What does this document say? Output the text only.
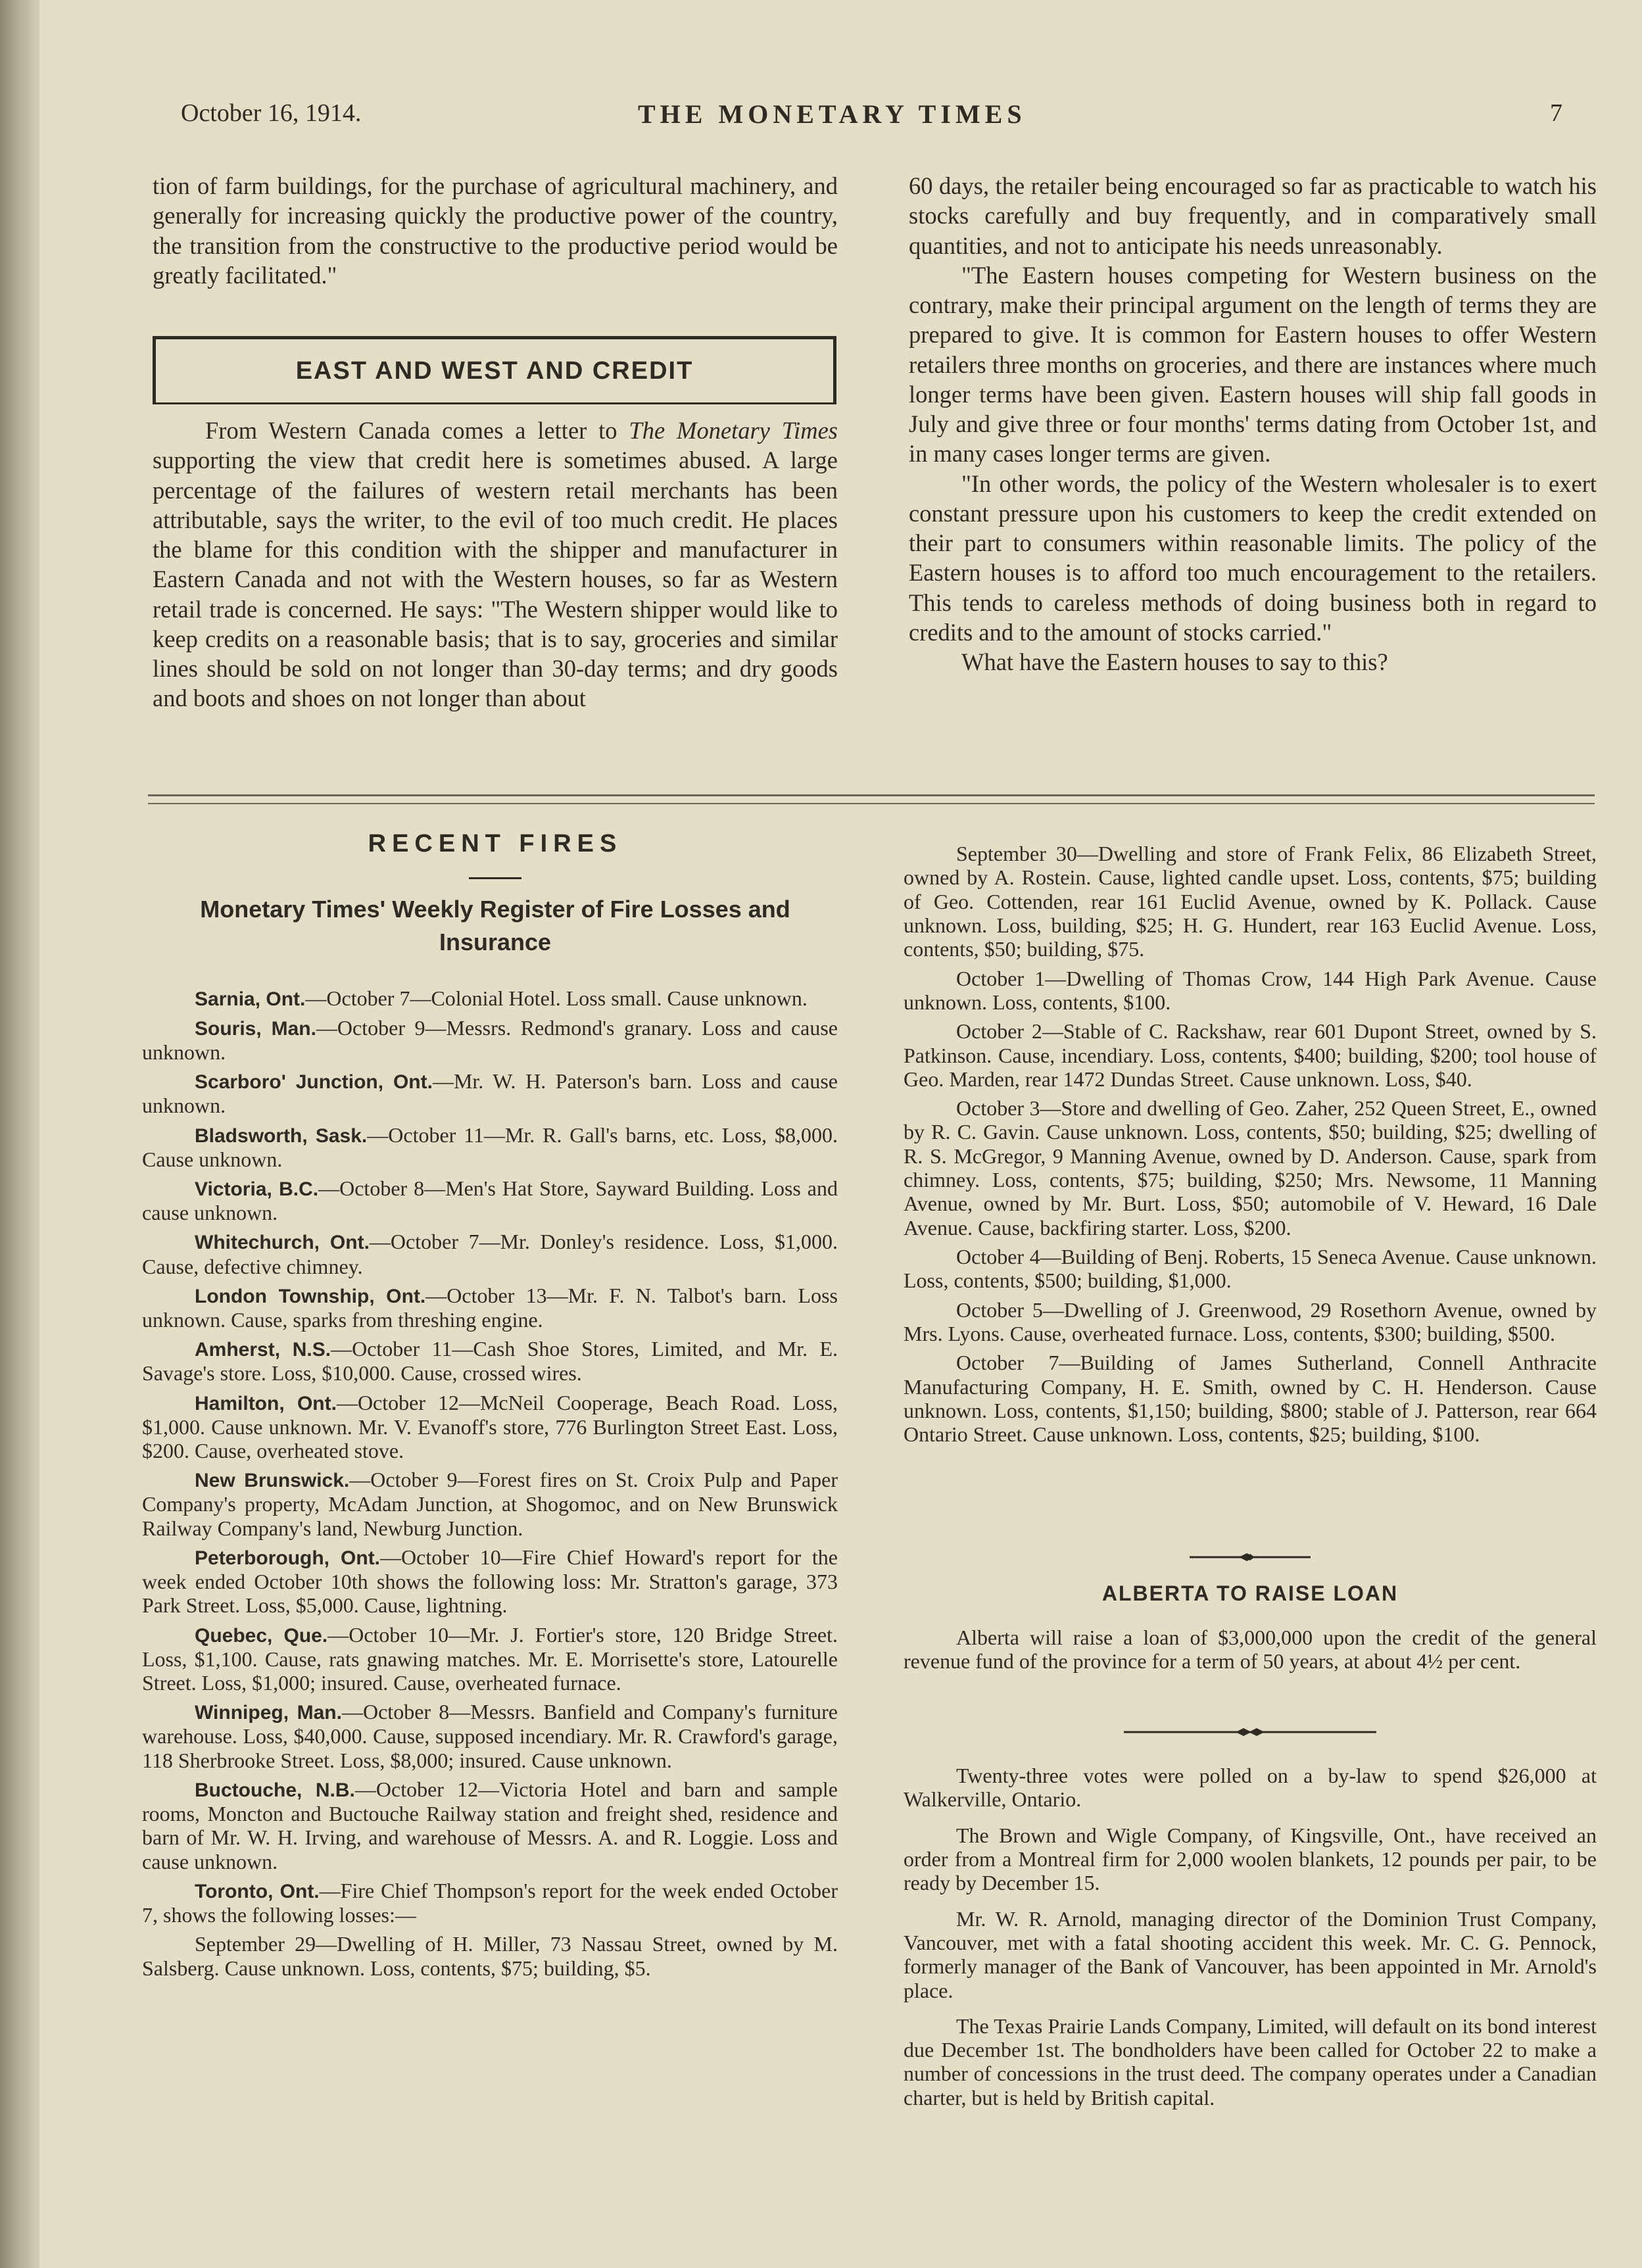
October 16, 1914.	THE MONETARY TIMES	7

tion of farm buildings, for the purchase of agricultural machinery, and generally for increasing quickly the productive power of the country, the transition from the constructive to the productive period would be greatly facilitated."

EAST AND WEST AND CREDIT

From Western Canada comes a letter to The Monetary Times supporting the view that credit here is sometimes abused. A large percentage of the failures of western retail merchants has been attributable, says the writer, to the evil of too much credit. He places the blame for this condition with the shipper and manufacturer in Eastern Canada and not with the Western houses, so far as Western retail trade is concerned. He says: "The Western shipper would like to keep credits on a reasonable basis; that is to say, groceries and similar lines should be sold on not longer than 30-day terms; and dry goods and boots and shoes on not longer than about

60 days, the retailer being encouraged so far as practicable to watch his stocks carefully and buy frequently, and in comparatively small quantities, and not to anticipate his needs unreasonably.

"The Eastern houses competing for Western business on the contrary, make their principal argument on the length of terms they are prepared to give. It is common for Eastern houses to offer Western retailers three months on groceries, and there are instances where much longer terms have been given. Eastern houses will ship fall goods in July and give three or four months' terms dating from October 1st, and in many cases longer terms are given.

"In other words, the policy of the Western wholesaler is to exert constant pressure upon his customers to keep the credit extended on their part to consumers within reasonable limits. The policy of the Eastern houses is to afford too much encouragement to the retailers. This tends to careless methods of doing business both in regard to credits and to the amount of stocks carried."

What have the Eastern houses to say to this?

RECENT FIRES
Monetary Times' Weekly Register of Fire Losses and Insurance

Sarnia, Ont.—October 7—Colonial Hotel. Loss small. Cause unknown.

Souris, Man.—October 9—Messrs. Redmond's granary. Loss and cause unknown.

Scarboro' Junction, Ont.—Mr. W. H. Paterson's barn. Loss and cause unknown.

Bladsworth, Sask.—October 11—Mr. R. Gall's barns, etc. Loss, $8,000. Cause unknown.

Victoria, B.C.—October 8—Men's Hat Store, Sayward Building. Loss and cause unknown.

Whitechurch, Ont.—October 7—Mr. Donley's residence. Loss, $1,000. Cause, defective chimney.

London Township, Ont.—October 13—Mr. F. N. Talbot's barn. Loss unknown. Cause, sparks from threshing engine.

Amherst, N.S.—October 11—Cash Shoe Stores, Limited, and Mr. E. Savage's store. Loss, $10,000. Cause, crossed wires.

Hamilton, Ont.—October 12—McNeil Cooperage, Beach Road. Loss, $1,000. Cause unknown. Mr. V. Evanoff's store, 776 Burlington Street East. Loss, $200. Cause, overheated stove.

New Brunswick.—October 9—Forest fires on St. Croix Pulp and Paper Company's property, McAdam Junction, at Shogomoc, and on New Brunswick Railway Company's land, Newburg Junction.

Peterborough, Ont.—October 10—Fire Chief Howard's report for the week ended October 10th shows the following loss: Mr. Stratton's garage, 373 Park Street. Loss, $5,000. Cause, lightning.

Quebec, Que.—October 10—Mr. J. Fortier's store, 120 Bridge Street. Loss, $1,100. Cause, rats gnawing matches. Mr. E. Morrisette's store, Latourelle Street. Loss, $1,000; insured. Cause, overheated furnace.

Winnipeg, Man.—October 8—Messrs. Banfield and Company's furniture warehouse. Loss, $40,000. Cause, supposed incendiary. Mr. R. Crawford's garage, 118 Sherbrooke Street. Loss, $8,000; insured. Cause unknown.

Buctouche, N.B.—October 12—Victoria Hotel and barn and sample rooms, Moncton and Buctouche Railway station and freight shed, residence and barn of Mr. W. H. Irving, and warehouse of Messrs. A. and R. Loggie. Loss and cause unknown.

Toronto, Ont.—Fire Chief Thompson's report for the week ended October 7, shows the following losses:—

September 29—Dwelling of H. Miller, 73 Nassau Street, owned by M. Salsberg. Cause unknown. Loss, contents, $75; building, $5.

September 30—Dwelling and store of Frank Felix, 86 Elizabeth Street, owned by A. Rostein. Cause, lighted candle upset. Loss, contents, $75; building of Geo. Cottenden, rear 161 Euclid Avenue, owned by K. Pollack. Cause unknown. Loss, building, $25; H. G. Hundert, rear 163 Euclid Avenue. Loss, contents, $50; building, $75.

October 1—Dwelling of Thomas Crow, 144 High Park Avenue. Cause unknown. Loss, contents, $100.

October 2—Stable of C. Rackshaw, rear 601 Dupont Street, owned by S. Patkinson. Cause, incendiary. Loss, contents, $400; building, $200; tool house of Geo. Marden, rear 1472 Dundas Street. Cause unknown. Loss, $40.

October 3—Store and dwelling of Geo. Zaher, 252 Queen Street, E., owned by R. C. Gavin. Cause unknown. Loss, contents, $50; building, $25; dwelling of R. S. McGregor, 9 Manning Avenue, owned by D. Anderson. Cause, spark from chimney. Loss, contents, $75; building, $250; Mrs. Newsome, 11 Manning Avenue, owned by Mr. Burt. Loss, $50; automobile of V. Heward, 16 Dale Avenue. Cause, backfiring starter. Loss, $200.

October 4—Building of Benj. Roberts, 15 Seneca Avenue. Cause unknown. Loss, contents, $500; building, $1,000.

October 5—Dwelling of J. Greenwood, 29 Rosethorn Avenue, owned by Mrs. Lyons. Cause, overheated furnace. Loss, contents, $300; building, $500.

October 7—Building of James Sutherland, Connell Anthracite Manufacturing Company, H. E. Smith, owned by C. H. Henderson. Cause unknown. Loss, contents, $1,150; building, $800; stable of J. Patterson, rear 664 Ontario Street. Cause unknown. Loss, contents, $25; building, $100.

ALBERTA TO RAISE LOAN

Alberta will raise a loan of $3,000,000 upon the credit of the general revenue fund of the province for a term of 50 years, at about 4½ per cent.

Twenty-three votes were polled on a by-law to spend $26,000 at Walkerville, Ontario.

The Brown and Wigle Company, of Kingsville, Ont., have received an order from a Montreal firm for 2,000 woolen blankets, 12 pounds per pair, to be ready by December 15.

Mr. W. R. Arnold, managing director of the Dominion Trust Company, Vancouver, met with a fatal shooting accident this week. Mr. C. G. Pennock, formerly manager of the Bank of Vancouver, has been appointed in Mr. Arnold's place.

The Texas Prairie Lands Company, Limited, will default on its bond interest due December 1st. The bondholders have been called for October 22 to make a number of concessions in the trust deed. The company operates under a Canadian charter, but is held by British capital.
